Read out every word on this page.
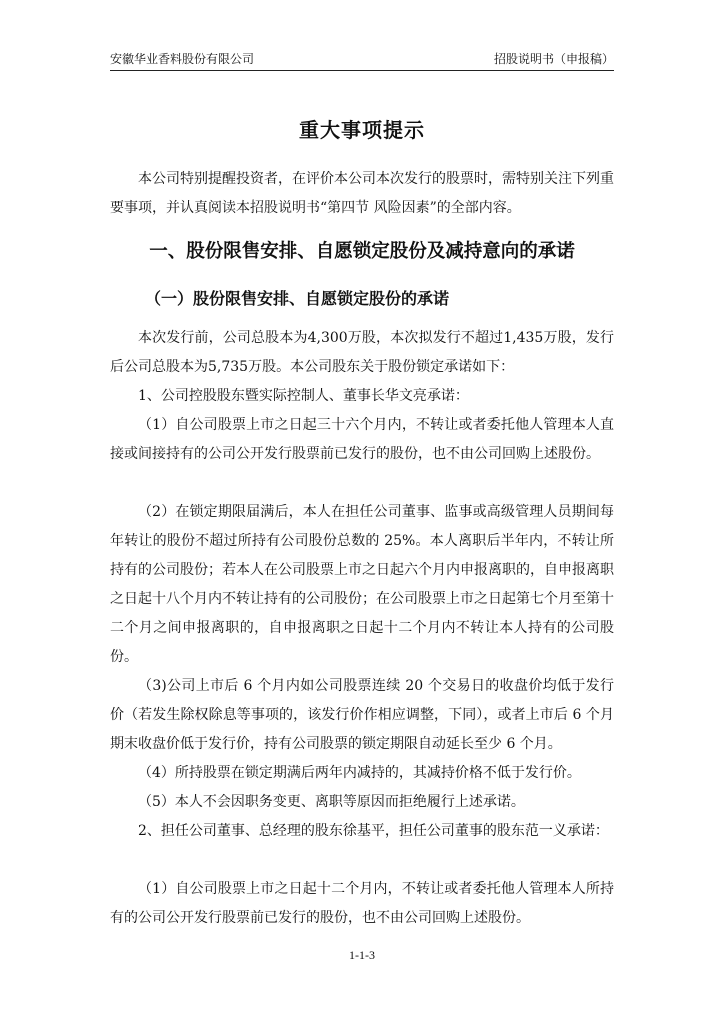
安徽华业香料股份有限公司	招股说明书（申报稿）
重大事项提示

本公司特别提醒投资者，在评价本公司本次发行的股票时，需特别关注下列重要事项，并认真阅读本招股说明书“第四节 风险因素”的全部内容。

一、股份限售安排、自愿锁定股份及减持意向的承诺
（一）股份限售安排、自愿锁定股份的承诺

本次发行前，公司总股本为4,300万股，本次拟发行不超过1,435万股，发行后公司总股本为5,735万股。本公司股东关于股份锁定承诺如下：

1、公司控股股东暨实际控制人、董事长华文亮承诺：

（1）自公司股票上市之日起三十六个月内，不转让或者委托他人管理本人直接或间接持有的公司公开发行股票前已发行的股份，也不由公司回购上述股份。

（2）在锁定期限届满后，本人在担任公司董事、监事或高级管理人员期间每年转让的股份不超过所持有公司股份总数的 25%。本人离职后半年内，不转让所持有的公司股份；若本人在公司股票上市之日起六个月内申报离职的，自申报离职之日起十八个月内不转让持有的公司股份；在公司股票上市之日起第七个月至第十二个月之间申报离职的，自申报离职之日起十二个月内不转让本人持有的公司股份。

（3)公司上市后 6 个月内如公司股票连续 20 个交易日的收盘价均低于发行价（若发生除权除息等事项的，该发行价作相应调整，下同），或者上市后 6 个月期末收盘价低于发行价，持有公司股票的锁定期限自动延长至少 6 个月。

（4）所持股票在锁定期满后两年内减持的，其减持价格不低于发行价。

（5）本人不会因职务变更、离职等原因而拒绝履行上述承诺。

2、担任公司董事、总经理的股东徐基平，担任公司董事的股东范一义承诺：

（1）自公司股票上市之日起十二个月内，不转让或者委托他人管理本人所持有的公司公开发行股票前已发行的股份，也不由公司回购上述股份。

1-1-3
